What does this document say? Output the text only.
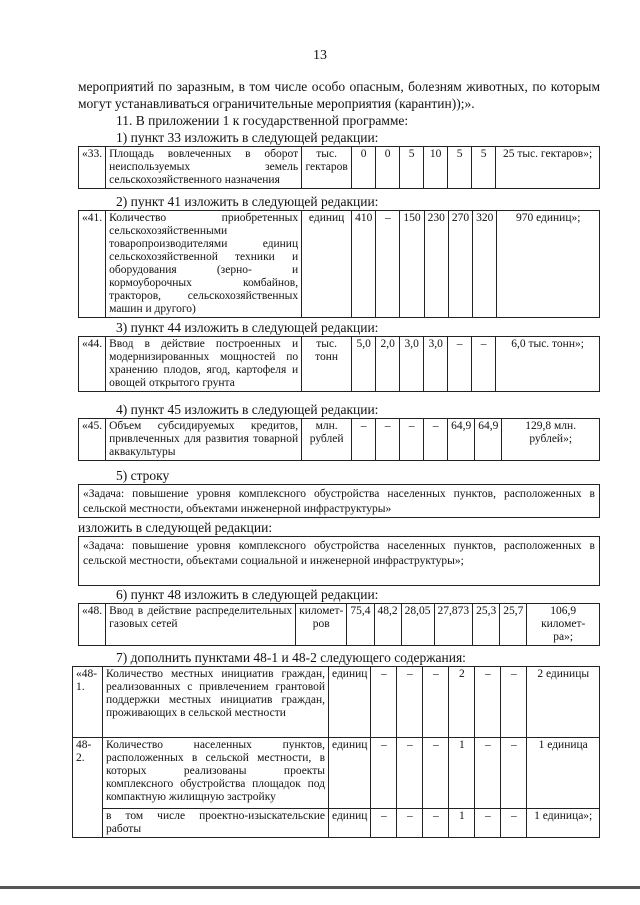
13
мероприятий по заразным, в том числе особо опасным, болезням животных, по которым могут устанавливаться ограничительные мероприятия (карантин));».
11. В приложении 1 к государственной программе:
1) пункт 33 изложить в следующей редакции:
«33.	Площадь вовлеченных в оборот неиспользуемых земель сельскохозяйственного назначения	тыс. гектаров	0	0	5	10	5	5	25 тыс. гектаров»;
2) пункт 41 изложить в следующей редакции:
«41.	Количество приобретенных сельскохозяйственными товаропроизводителями единиц сельскохозяйственной техники и оборудования (зерно- и кормоуборочных комбайнов, тракторов, сельскохозяйственных машин и другого)	единиц	410	–	150	230	270	320	970 единиц»;
3) пункт 44 изложить в следующей редакции:
«44.	Ввод в действие построенных и модернизированных мощностей по хранению плодов, ягод, картофеля и овощей открытого грунта	тыс. тонн	5,0	2,0	3,0	3,0	–	–	6,0 тыс. тонн»;
4) пункт 45 изложить в следующей редакции:
«45.	Объем субсидируемых кредитов, привлеченных для развития товарной аквакультуры	млн. рублей	–	–	–	–	64,9	64,9	129,8 млн. рублей»;
5) строку
«Задача: повышение уровня комплексного обустройства населенных пунктов, расположенных в сельской местности, объектами инженерной инфраструктуры»
изложить в следующей редакции:
«Задача: повышение уровня комплексного обустройства населенных пунктов, расположенных в сельской местности, объектами социальной и инженерной инфраструктуры»;
6) пункт 48 изложить в следующей редакции:
«48.	Ввод в действие распределительных газовых сетей	километ- ров	75,4	48,2	28,05	27,873	25,3	25,7	106,9 километ- ра»;
7) дополнить пунктами 48-1 и 48-2 следующего содержания:
«48-1.	Количество местных инициатив граждан, реализованных с привлечением грантовой поддержки местных инициатив граждан, проживающих в сельской местности	единиц	–	–	–	2	–	–	2 единицы
48-2.	Количество населенных пунктов, расположенных в сельской местности, в которых реализованы проекты комплексного обустройства площадок под компактную жилищную застройку	единиц	–	–	–	1	–	–	1 единица
	в том числе проектно-изыскательские работы	единиц	–	–	–	1	–	–	1 единица»;
